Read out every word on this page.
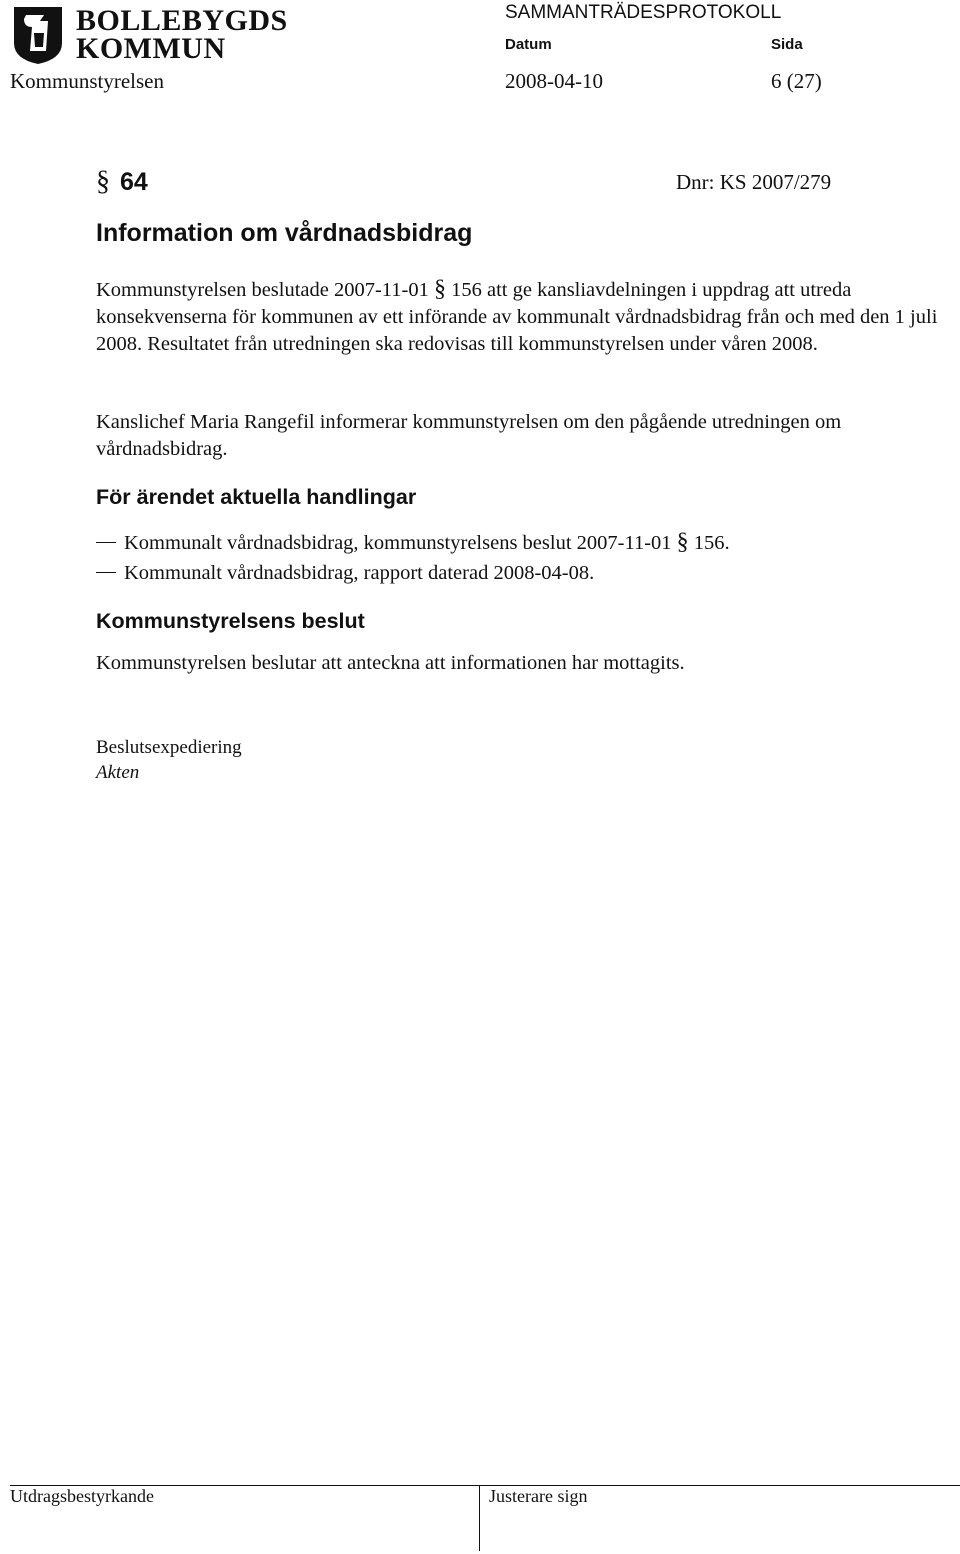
BOLLEBYGDS
KOMMUN
SAMMANTRÄDESPROTOKOLL
Datum	Sida
Kommunstyrelsen	2008-04-10	6 (27)
§ 64	Dnr: KS 2007/279
Information om vårdnadsbidrag
Kommunstyrelsen beslutade 2007-11-01 § 156 att ge kansliavdelningen i uppdrag att utreda konsekvenserna för kommunen av ett införande av kommunalt vårdnadsbidrag från och med den 1 juli 2008. Resultatet från utredningen ska redovisas till kommunstyrelsen under våren 2008.
Kanslichef Maria Rangefil informerar kommunstyrelsen om den pågående utredningen om vårdnadsbidrag.
För ärendet aktuella handlingar
Kommunalt vårdnadsbidrag, kommunstyrelsens beslut 2007-11-01 § 156.
Kommunalt vårdnadsbidrag, rapport daterad 2008-04-08.
Kommunstyrelsens beslut
Kommunstyrelsen beslutar att anteckna att informationen har mottagits.
Beslutsexpediering
Akten
Utdragsbestyrkande	Justerare sign
